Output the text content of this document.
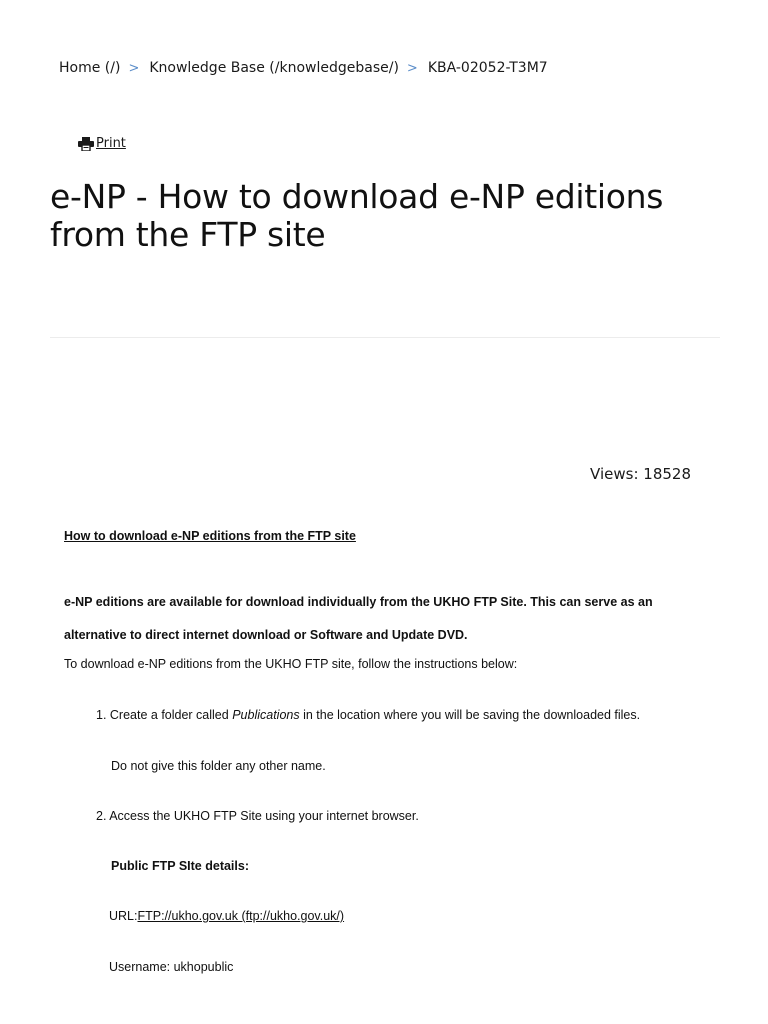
Home (/) > Knowledge Base (/knowledgebase/) > KBA-02052-T3M7
Print
e-NP - How to download e-NP editions from the FTP site
Views: 18528
How to download e-NP editions from the FTP site
e-NP editions are available for download individually from the UKHO FTP Site. This can serve as an
alternative to direct internet download or Software and Update DVD.
To download e-NP editions from the UKHO FTP site, follow the instructions below:
1. Create a folder called Publications in the location where you will be saving the downloaded files.
Do not give this folder any other name.
2. Access the UKHO FTP Site using your internet browser.
Public FTP SIte details:
URL:FTP://ukho.gov.uk (ftp://ukho.gov.uk/)
Username: ukhopublic
